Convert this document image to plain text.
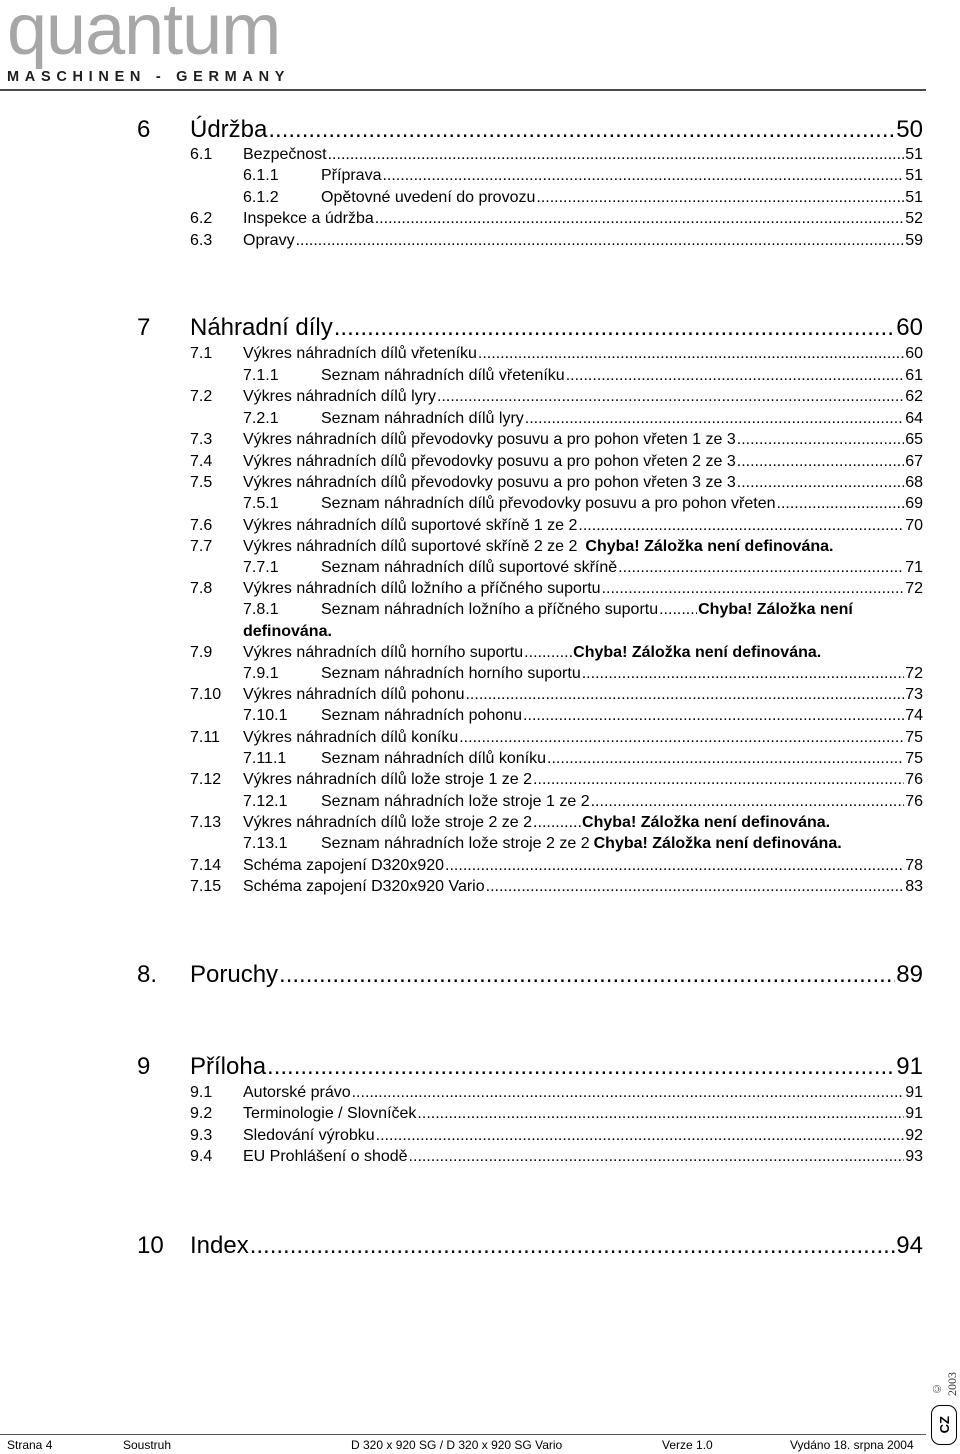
quantum
MASCHINEN - GERMANY
6 Údržba .....	50
6.1 Bezpečnost .....	51
6.1.1	Příprava .....	51
6.1.2	Opětovné uvedení do provozu .....	51
6.2 Inspekce a údržba .....	52
6.3 Opravy .....	59
7 Náhradní díly .....	60
7.1 Výkres náhradních dílů vřeteníku .....	60
7.1.1	Seznam náhradních dílů vřeteníku .....	61
7.2 Výkres náhradních dílů lyry .....	62
7.2.1	Seznam náhradních dílů lyry .....	64
7.3 Výkres náhradních dílů převodovky posuvu a pro pohon vřeten 1 ze 3 .....	65
7.4 Výkres náhradních dílů převodovky posuvu a pro pohon vřeten 2 ze 3 .....	67
7.5 Výkres náhradních dílů převodovky posuvu a pro pohon vřeten 3 ze 3 .....	68
7.5.1	Seznam náhradních dílů převodovky posuvu a pro pohon vřeten .....	69
7.6 Výkres náhradních dílů suportové skříně 1 ze 2 .....	70
7.7 Výkres náhradních dílů suportové skříně 2 ze 2 Chyba! Záložka není definována.
7.7.1	Seznam náhradních dílů suportové skříně .....	71
7.8 Výkres náhradních dílů ložního a příčného suportu .....	72
7.8.1	Seznam náhradních ložního a příčného suportu .....	Chyba! Záložka není
definována.
7.9 Výkres náhradních dílů horního suportu .....	Chyba! Záložka není definována.
7.9.1	Seznam náhradních horního suportu .....	72
7.10 Výkres náhradních dílů pohonu .....	73
7.10.1 Seznam náhradních pohonu .....	74
7.11 Výkres náhradních dílů koníku .....	75
7.11.1 Seznam náhradních dílů koníku .....	75
7.12 Výkres náhradních dílů lože stroje 1 ze 2 .....	76
7.12.1 Seznam náhradních lože stroje 1 ze 2 .....	76
7.13 Výkres náhradních dílů lože stroje 2 ze 2 .....	Chyba! Záložka není definována.
7.13.1 Seznam náhradních lože stroje 2 ze 2 Chyba! Záložka není definována.
7.14 Schéma zapojení D320x920 .....	78
7.15 Schéma zapojení D320x920 Vario .....	83
8. Poruchy .....	89
9 Příloha .....	91
9.1 Autorské právo .....	91
9.2 Terminologie / Slovníček .....	91
9.3 Sledování výrobku .....	92
9.4 EU Prohlášení o shodě .....	93
10 Index .....	94
© 2003
CZ
Strana 4	Soustruh	D 320 x 920 SG / D 320 x 920 SG Vario	Verze 1.0	Vydáno 18. srpna 2004
